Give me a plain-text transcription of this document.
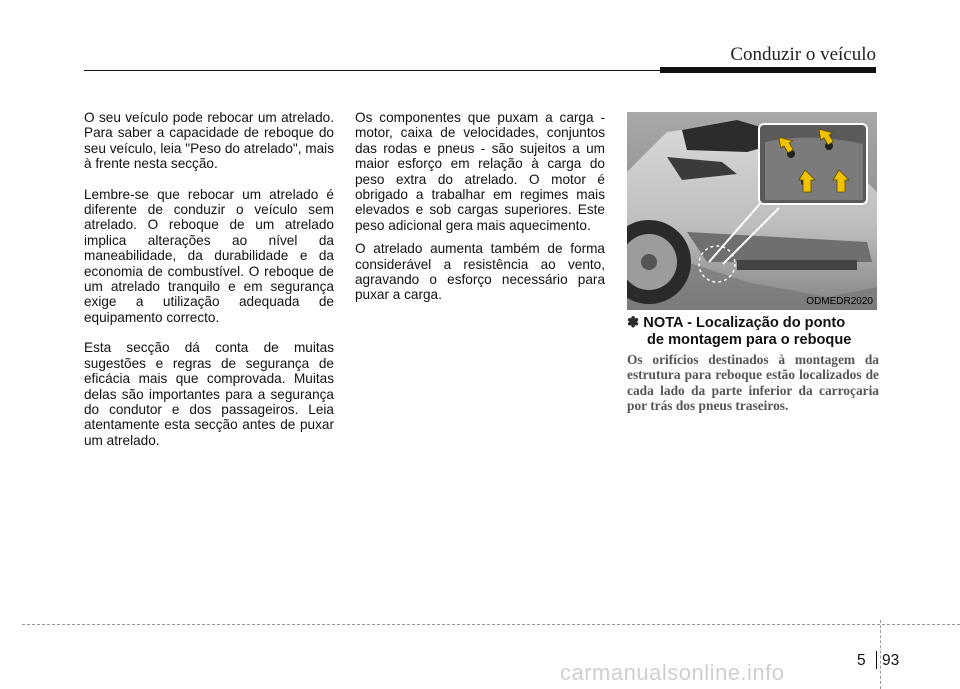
Conduzir o veículo

O seu veículo pode rebocar um atrelado. Para saber a capacidade de reboque do seu veículo, leia "Peso do atrelado", mais à frente nesta secção.

Lembre-se que rebocar um atrelado é diferente de conduzir o veículo sem atrelado. O reboque de um atrelado implica alterações ao nível da maneabilidade, da durabilidade e da economia de combustível. O reboque de um atrelado tranquilo e em segurança exige a utilização adequada de equipamento correcto.

Esta secção dá conta de muitas sugestões e regras de segurança de eficácia mais que comprovada. Muitas delas são importantes para a segurança do condutor e dos passageiros. Leia atentamente esta secção antes de puxar um atrelado.

Os componentes que puxam a carga - motor, caixa de velocidades, conjuntos das rodas e pneus - são sujeitos a um maior esforço em relação à carga do peso extra do atrelado. O motor é obrigado a trabalhar em regimes mais elevados e sob cargas superiores. Este peso adicional gera mais aquecimento.

O atrelado aumenta também de forma considerável a resistência ao vento, agravando o esforço necessário para puxar a carga.	ODMEDR2020
✽ NOTA - Localização do ponto
de montagem para o reboque
Os orifícios destinados à montagem da estrutura para reboque estão localizados de cada lado da parte inferior da carroçaria por trás dos pneus traseiros.
5 93
carmanualsonline.info
